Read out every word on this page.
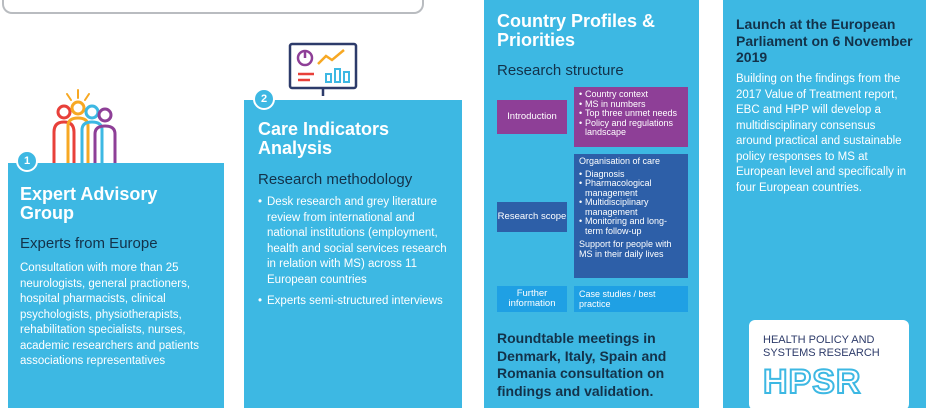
Expert Advisory Group
Experts from Europe
Consultation with more than 25 neurologists, general practioners, hospital pharmacists, clinical psychologists, physiotherapists, rehabilitation specialists, nurses, academic researchers and patients associations representatives
1
Care Indicators Analysis
Research methodology
• Desk research and grey literature review from international and national institutions (employment, health and social services research in relation with MS) across 11 European countries
• Experts semi-structured interviews
2
Country Profiles & Priorities
Research structure
Introduction
• Country context
• MS in numbers
• Top three unmet needs
• Policy and regulations landscape
Research scope
Organisation of care
• Diagnosis
• Pharmacological management
• Multidisciplinary management
• Monitoring and long-term follow-up
Support for people with MS in their daily lives
Further information
Case studies / best practice
Roundtable meetings in Denmark, Italy, Spain and Romania consultation on findings and validation.
Launch at the European Parliament on 6 November 2019
Building on the findings from the 2017 Value of Treatment report, EBC and HPP will develop a multidisciplinary consensus around practical and sustainable policy responses to MS at European level and specifically in four European countries.
HEALTH POLICY AND
SYSTEMS RESEARCH
HPSR
